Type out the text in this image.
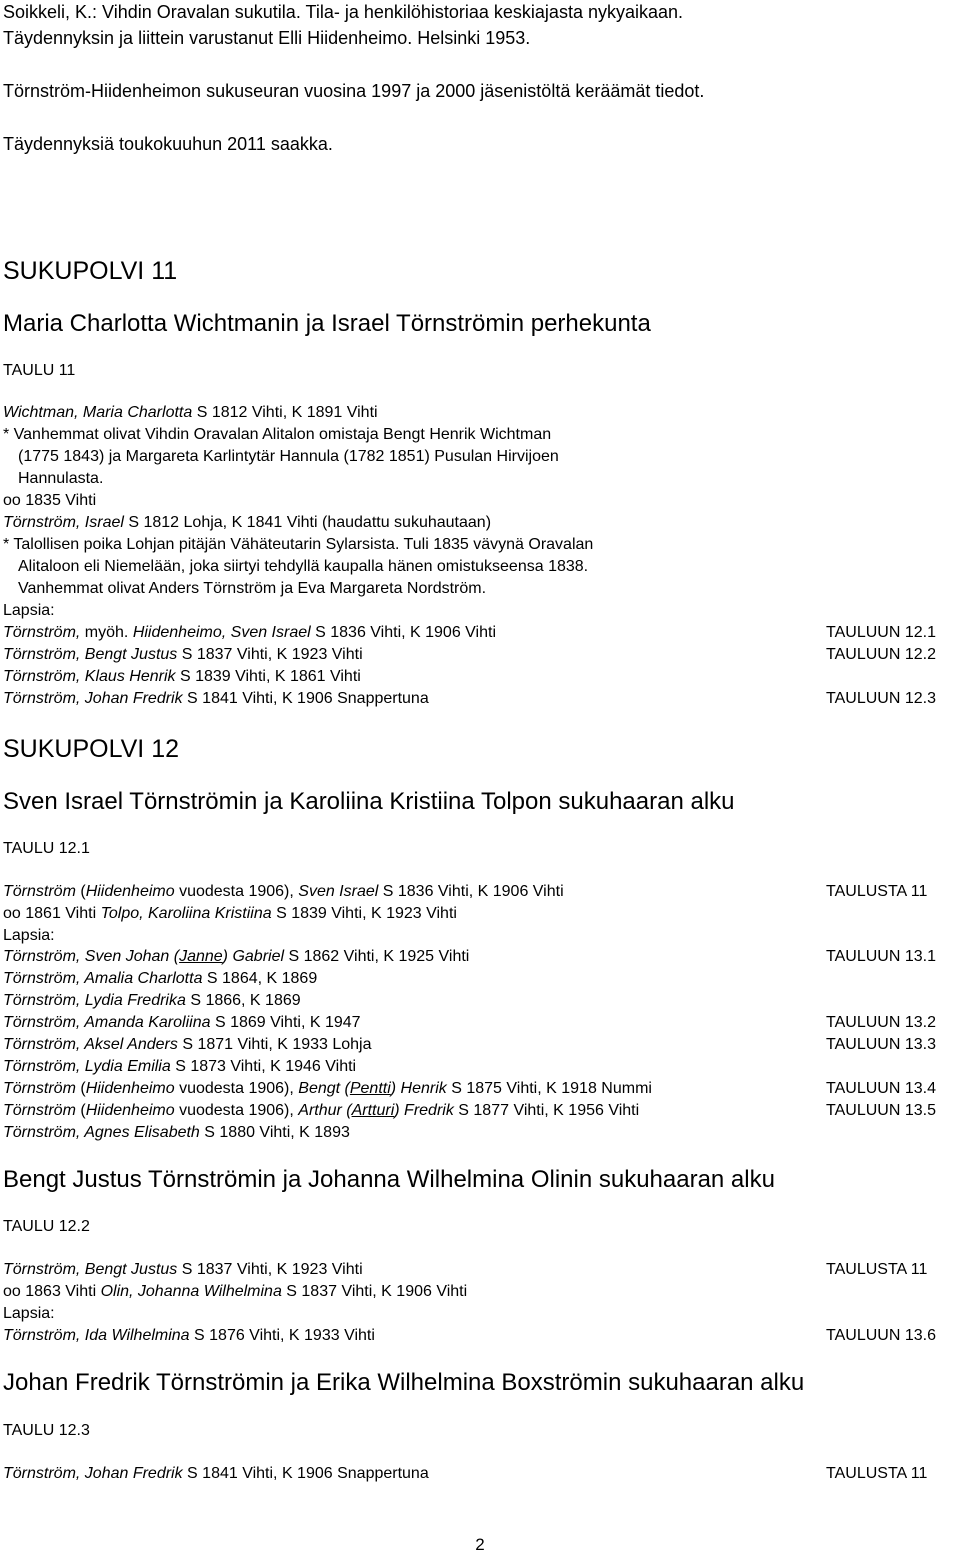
Soikkeli, K.: Vihdin Oravalan sukutila. Tila- ja henkilöhistoriaa keskiajasta nykyaikaan.
Täydennyksin ja liittein varustanut Elli Hiidenheimo. Helsinki 1953.
Törnström-Hiidenheimon sukuseuran vuosina 1997 ja 2000 jäsenistöltä keräämät tiedot.
Täydennyksiä toukokuuhun 2011 saakka.
SUKUPOLVI 11
Maria Charlotta Wichtmanin ja Israel Törnströmin perhekunta
TAULU 11
Wichtman, Maria Charlotta S 1812 Vihti, K 1891 Vihti
* Vanhemmat olivat Vihdin Oravalan Alitalon omistaja Bengt Henrik Wichtman
(1775 1843) ja Margareta Karlintytär Hannula (1782 1851) Pusulan Hirvijoen
Hannulasta.
oo 1835 Vihti
Törnström, Israel S 1812 Lohja, K 1841 Vihti (haudattu sukuhautaan)
* Talollisen poika Lohjan pitäjän Vähäteutarin Sylarsista. Tuli 1835 vävynä Oravalan
Alitaloon eli Niemelään, joka siirtyi tehdyllä kaupalla hänen omistukseensa 1838.
Vanhemmat olivat Anders Törnström ja Eva Margareta Nordström.
Lapsia:
Törnström, myöh. Hiidenheimo, Sven Israel S 1836 Vihti, K 1906 Vihti	TAULUUN 12.1
Törnström, Bengt Justus S 1837 Vihti, K 1923 Vihti	TAULUUN 12.2
Törnström, Klaus Henrik S 1839 Vihti, K 1861 Vihti
Törnström, Johan Fredrik S 1841 Vihti, K 1906 Snappertuna	TAULUUN 12.3
SUKUPOLVI 12
Sven Israel Törnströmin ja Karoliina Kristiina Tolpon sukuhaaran alku
TAULU 12.1
Törnström (Hiidenheimo vuodesta 1906), Sven Israel S 1836 Vihti, K 1906 Vihti	TAULUSTA 11
oo 1861 Vihti Tolpo, Karoliina Kristiina S 1839 Vihti, K 1923 Vihti
Lapsia:
Törnström, Sven Johan (Janne) Gabriel S 1862 Vihti, K 1925 Vihti	TAULUUN 13.1
Törnström, Amalia Charlotta S 1864, K 1869
Törnström, Lydia Fredrika S 1866, K 1869
Törnström, Amanda Karoliina S 1869 Vihti, K 1947	TAULUUN 13.2
Törnström, Aksel Anders S 1871 Vihti, K 1933 Lohja	TAULUUN 13.3
Törnström, Lydia Emilia S 1873 Vihti, K 1946 Vihti
Törnström (Hiidenheimo vuodesta 1906), Bengt (Pentti) Henrik S 1875 Vihti, K 1918 Nummi	TAULUUN 13.4
Törnström (Hiidenheimo vuodesta 1906), Arthur (Artturi) Fredrik S 1877 Vihti, K 1956 Vihti	TAULUUN 13.5
Törnström, Agnes Elisabeth S 1880 Vihti, K 1893
Bengt Justus Törnströmin ja Johanna Wilhelmina Olinin sukuhaaran alku
TAULU 12.2
Törnström, Bengt Justus S 1837 Vihti, K 1923 Vihti	TAULUSTA 11
oo 1863 Vihti Olin, Johanna Wilhelmina S 1837 Vihti, K 1906 Vihti
Lapsia:
Törnström, Ida Wilhelmina S 1876 Vihti, K 1933 Vihti	TAULUUN 13.6
Johan Fredrik Törnströmin ja Erika Wilhelmina Boxströmin sukuhaaran alku
TAULU 12.3
Törnström, Johan Fredrik S 1841 Vihti, K 1906 Snappertuna	TAULUSTA 11
2
